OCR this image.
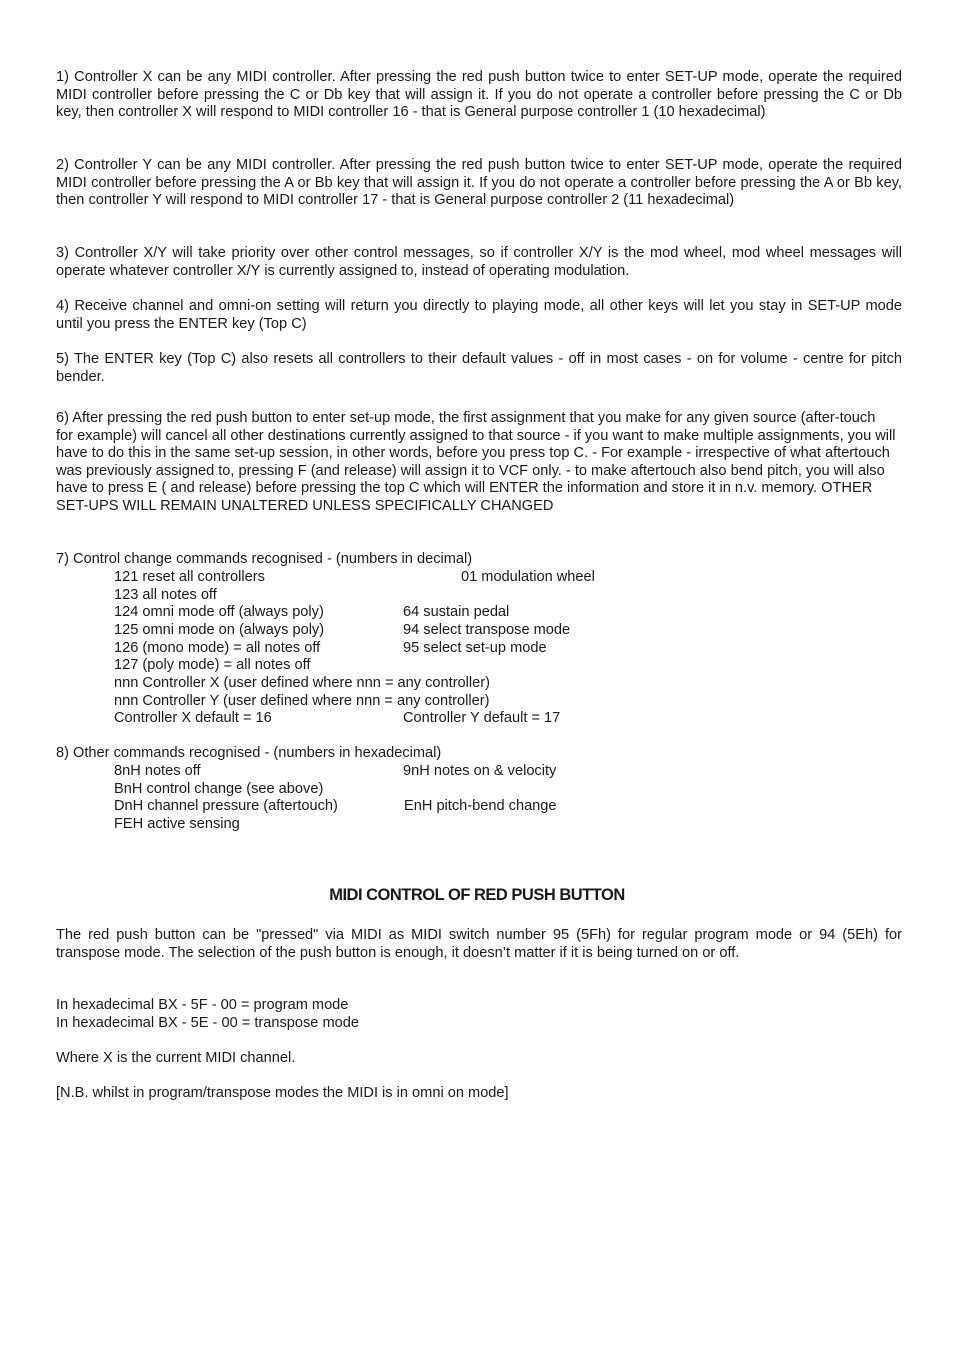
1) Controller X can be any MIDI controller. After pressing the red push button twice to enter SET-UP mode, operate the required MIDI controller before pressing the C or Db key that will assign it. If you do not operate a controller before pressing the C or Db key, then controller X will respond to MIDI controller 16 - that is General purpose controller 1 (10 hexadecimal)

2) Controller Y can be any MIDI controller. After pressing the red push button twice to enter SET-UP mode, operate the required MIDI controller before pressing the A or Bb key that will assign it. If you do not operate a controller before pressing the A or Bb key, then controller Y will respond to MIDI controller 17 - that is General purpose controller 2 (11 hexadecimal)

3) Controller X/Y will take priority over other control messages, so if controller X/Y is the mod wheel, mod wheel messages will operate whatever controller X/Y is currently assigned to, instead of operating modulation.

4) Receive channel and omni-on setting will return you directly to playing mode, all other keys will let you stay in SET-UP mode until you press the ENTER key (Top C)

5) The ENTER key (Top C) also resets all controllers to their default values - off in most cases - on for volume - centre for pitch bender.

6) After pressing the red push button to enter set-up mode, the first assignment that you make for any given source (after-touch for example) will cancel all other destinations currently assigned to that source - if you want to make multiple assignments, you will have to do this in the same set-up session, in other words, before you press top C. - For example - irrespective of what aftertouch was previously assigned to, pressing F (and release) will assign it to VCF only. - to make aftertouch also bend pitch, you will also have to press E ( and release) before pressing the top C which will ENTER the information and store it in n.v. memory. OTHER SET-UPS WILL REMAIN UNALTERED UNLESS SPECIFICALLY CHANGED

7) Control change commands recognised - (numbers in decimal)
121 reset all controllers	01 modulation wheel
123 all notes off
124 omni mode off (always poly)	64 sustain pedal
125 omni mode on (always poly)	94 select transpose mode
126 (mono mode) = all notes off	95 select set-up mode
127 (poly mode) = all notes off
nnn Controller X (user defined where nnn = any controller)
nnn Controller Y (user defined where nnn = any controller)
Controller X default = 16	Controller Y default = 17
8) Other commands recognised - (numbers in hexadecimal)
8nH notes off	9nH notes on & velocity
BnH control change (see above)
DnH channel pressure (aftertouch)	EnH pitch-bend change
FEH active sensing
MIDI CONTROL OF RED PUSH BUTTON

The red push button can be "pressed" via MIDI as MIDI switch number 95 (5Fh) for regular program mode or 94 (5Eh) for transpose mode. The selection of the push button is enough, it doesn’t matter if it is being turned on or off.

In hexadecimal BX - 5F - 00 = program mode
In hexadecimal BX - 5E - 00 = transpose mode
Where X is the current MIDI channel.
[N.B. whilst in program/transpose modes the MIDI is in omni on mode]
